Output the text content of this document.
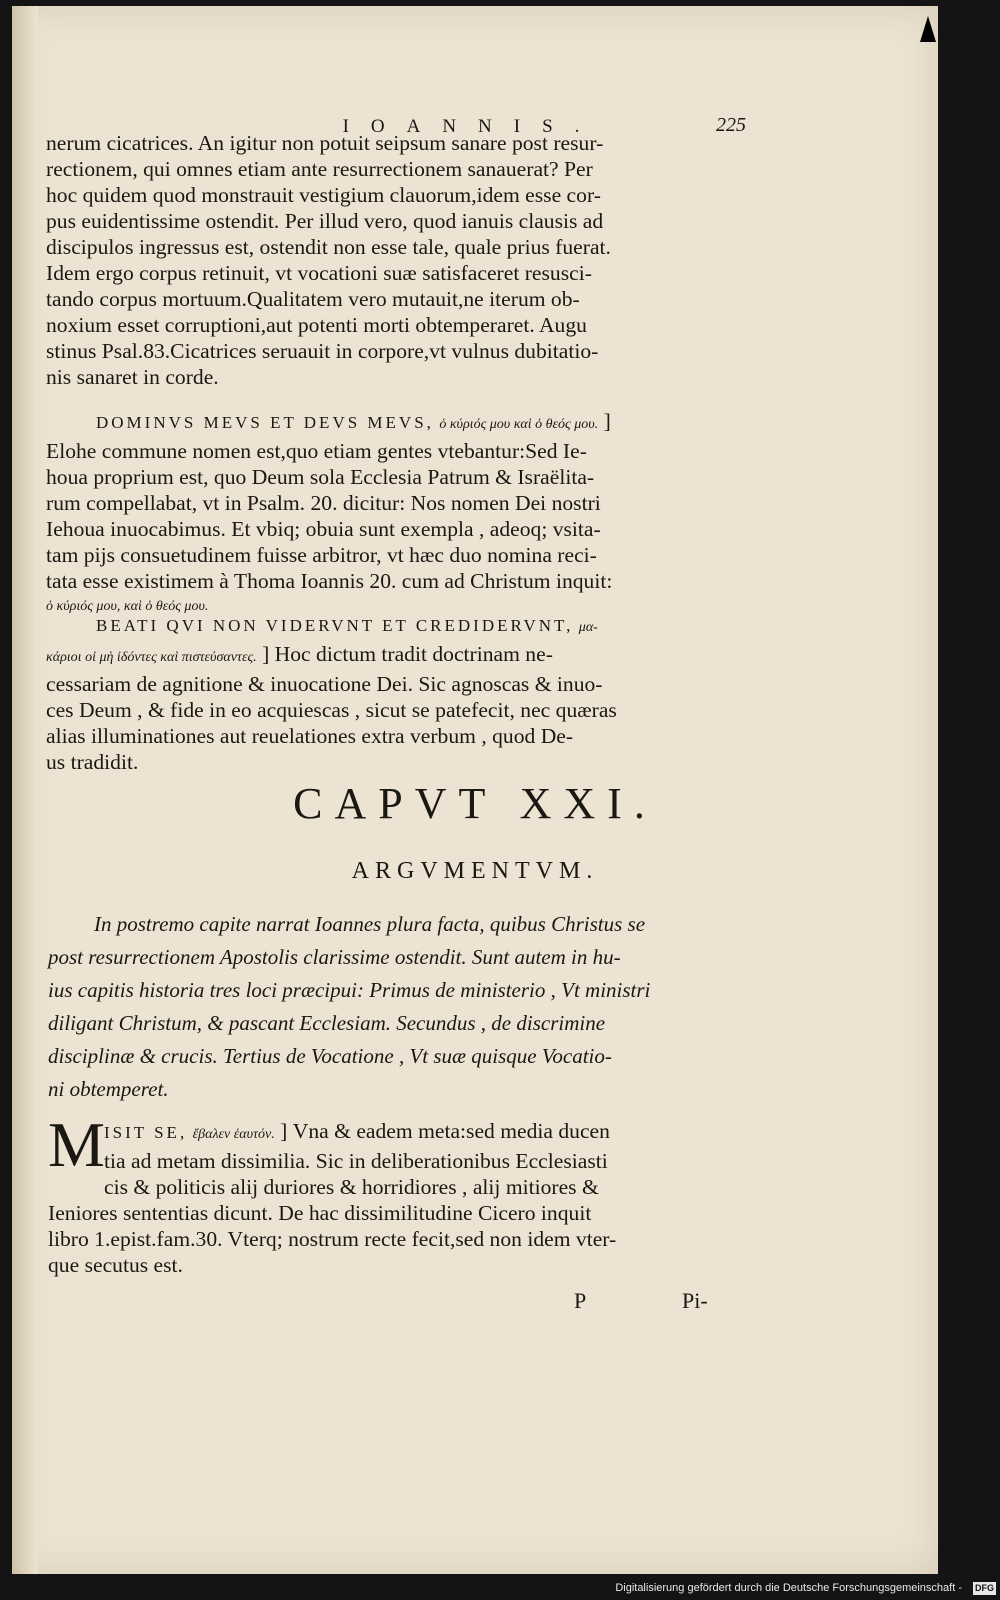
IOANNIS.	225
nerum cicatrices. An igitur non potuit seipsum sanare post resur-
rectionem, qui omnes etiam ante resurrectionem sanauerat? Per
hoc quidem quod monstrauit vestigium clauorum,idem esse cor-
pus euidentissime ostendit. Per illud vero, quod ianuis clausis ad
discipulos ingressus est, ostendit non esse tale, quale prius fuerat.
Idem ergo corpus retinuit, vt vocationi suæ satisfaceret resusci-
tando corpus mortuum.Qualitatem vero mutauit,ne iterum ob-
noxium esset corruptioni,aut potenti morti obtemperaret. Augu
stinus Psal.83.Cicatrices seruauit in corpore,vt vulnus dubitatio-
nis sanaret in corde.
DOMINVS MEVS ET DEVS MEVS, ὁ κύριός μου καὶ ὁ θεός μου. ]
Elohe commune nomen est,quo etiam gentes vtebantur:Sed Ie-
houa proprium est, quo Deum sola Ecclesia Patrum & Israëlita-
rum compellabat, vt in Psalm. 20. dicitur: Nos nomen Dei nostri
Iehoua inuocabimus. Et vbiq; obuia sunt exempla , adeoq; vsita-
tam pijs consuetudinem fuisse arbitror, vt hæc duo nomina reci-
tata esse existimem à Thoma Ioannis 20. cum ad Christum inquit:
ὁ κύριός μου, καὶ ὁ θεός μου.
BEATI QVI NON VIDERVNT ET CREDIDERVNT, μα-
κάριοι οἱ μὴ ἰδόντες καὶ πιστεύσαντες. ] Hoc dictum tradit doctrinam ne-
cessariam de agnitione & inuocatione Dei. Sic agnoscas & inuo-
ces Deum , & fide in eo acquiescas , sicut se patefecit, nec quæras
alias illuminationes aut reuelationes extra verbum , quod De-
us tradidit.
CAPVT XXI.
ARGVMENTVM.
In postremo capite narrat Ioannes plura facta, quibus Christus se
post resurrectionem Apostolis clarissime ostendit. Sunt autem in hu-
ius capitis historia tres loci præcipui: Primus de ministerio , Vt ministri
diligant Christum, & pascant Ecclesiam. Secundus , de discrimine
disciplinæ & crucis. Tertius de Vocatione , Vt suæ quisque Vocatio-
ni obtemperet.
M ISIT SE, ἔβαλεν ἑαυτόν. ] Vna & eadem meta:sed media ducen
tia ad metam dissimilia. Sic in deliberationibus Ecclesiasti
cis & politicis alij duriores & horridiores , alij mitiores &
Ieniores sententias dicunt. De hac dissimilitudine Cicero inquit
libro 1.epist.fam.30. Vterq; nostrum recte fecit,sed non idem vter-
que secutus est.
P	Pi-
Digitalisierung gefördert durch die Deutsche Forschungsgemeinschaft - DFG
